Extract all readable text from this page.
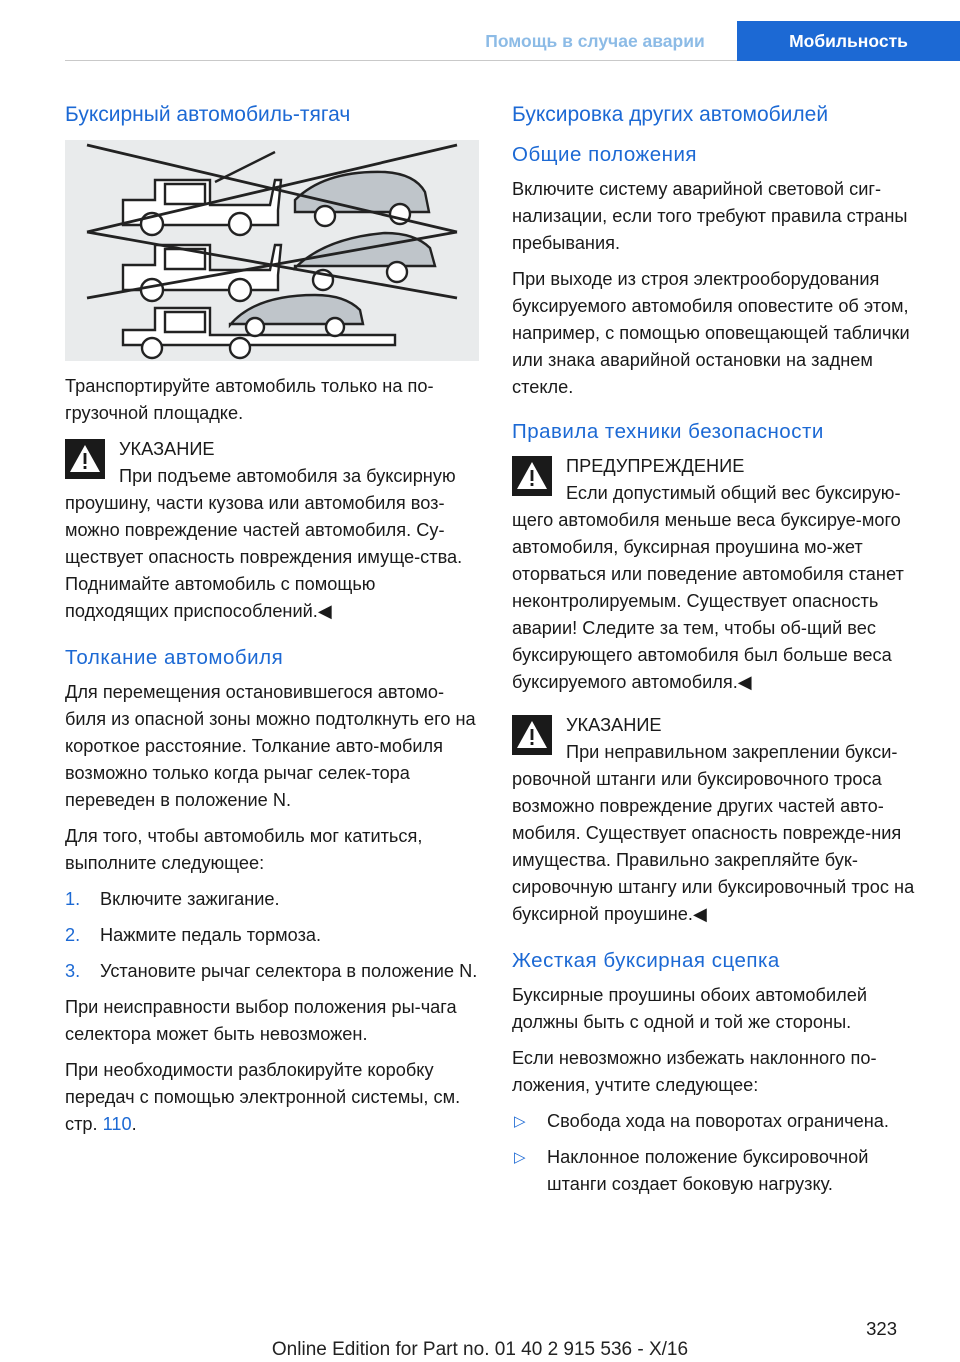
Помощь в случае аварии	Мобильность
Буксирный автомобиль-тягач

Транспортируйте автомобиль только на по-грузочной площадке.

УКАЗАНИЕ
При подъеме автомобиля за буксирную проушину, части кузова или автомобиля воз-можно повреждение частей автомобиля. Су-ществует опасность повреждения имуще-ства. Поднимайте автомобиль с помощью подходящих приспособлений.◀
Толкание автомобиля

Для перемещения остановившегося автомо-биля из опасной зоны можно подтолкнуть его на короткое расстояние. Толкание авто-мобиля возможно только когда рычаг селек-тора переведен в положение N.

Для того, чтобы автомобиль мог катиться, выполните следующее:

1. Включите зажигание.
2. Нажмите педаль тормоза.
3. Установите рычаг селектора в положение N.

При неисправности выбор положения ры-чага селектора может быть невозможен.

При необходимости разблокируйте коробку передач с помощью электронной системы, см. стр. 110.

Буксировка других автомобилей
Общие положения

Включите систему аварийной световой сиг-нализации, если того требуют правила страны пребывания.

При выходе из строя электрооборудования буксируемого автомобиля оповестите об этом, например, с помощью оповещающей таблички или знака аварийной остановки на заднем стекле.

Правила техники безопасности
ПРЕДУПРЕЖДЕНИЕ
Если допустимый общий вес буксирую-щего автомобиля меньше веса буксируе-мого автомобиля, буксирная проушина мо-жет оторваться или поведение автомобиля станет неконтролируемым. Существует опасность аварии! Следите за тем, чтобы об-щий вес буксирующего автомобиля был больше веса буксируемого автомобиля.◀
УКАЗАНИЕ
При неправильном закреплении букси-ровочной штанги или буксировочного троса возможно повреждение других частей авто-мобиля. Существует опасность поврежде-ния имущества. Правильно закрепляйте бук-сировочную штангу или буксировочный трос на буксирной проушине.◀
Жесткая буксирная сцепка

Буксирные проушины обоих автомобилей должны быть с одной и той же стороны.

Если невозможно избежать наклонного по-ложения, учтите следующее:

▷ Свобода хода на поворотах ограничена.
▷ Наклонное положение буксировочной штанги создает боковую нагрузку.
323
Online Edition for Part no. 01 40 2 915 536 - X/16
